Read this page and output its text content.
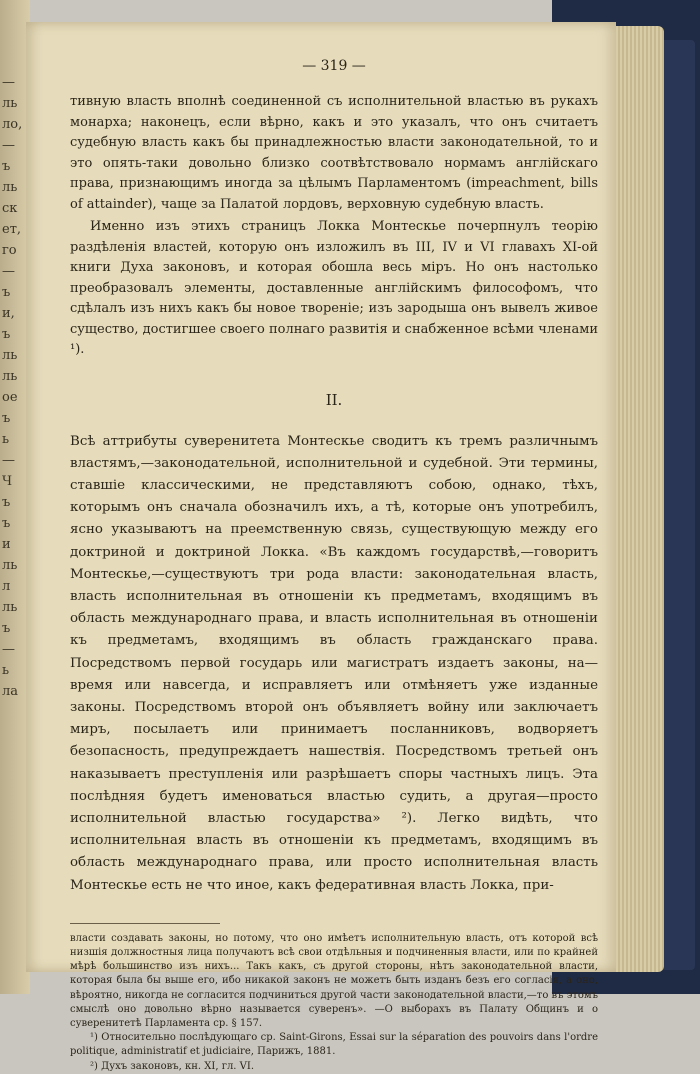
—
ль
ло,
—
ъ
ль
ск
ет,
го
—
ъ
и,
ъ
ль
ль
ое
ъ
ь
—
Ч
ъ
ъ
и
ль
л
ль
ъ
—
ь
ла
— 319 —

тивную власть вполнѣ соединенной съ исполнительной властью въ рукахъ монарха; наконецъ, если вѣрно, какъ и это указалъ, что онъ считаетъ судебную власть какъ бы принадлежностью власти законодательной, то и это опять-таки довольно близко соотвѣтствовало нормамъ англійскаго права, признающимъ иногда за цѣлымъ Парламентомъ (impeachment, bills of attainder), чаще за Палатой лордовъ, верховную судебную власть.

Именно изъ этихъ страницъ Локка Монтескье почерпнулъ теорію раздѣленія властей, которую онъ изложилъ въ III, IV и VI главахъ XI-ой книги Духа законовъ, и которая обошла весь міръ. Но онъ настолько преобразовалъ элементы, доставленные англійскимъ философомъ, что сдѣлалъ изъ нихъ какъ бы новое твореніе; изъ зародыша онъ вывелъ живое существо, достигшее своего полнаго развитія и снабженное всѣми членами ¹).

II.
Всѣ аттрибуты суверенитета Монтескье сводитъ къ тремъ различнымъ властямъ,—законодательной, исполнительной и судебной. Эти термины, ставшіе классическими, не представляютъ собою, однако, тѣхъ, которымъ онъ сначала обозначилъ ихъ, а тѣ, которые онъ употребилъ, ясно указываютъ на преемственную связь, существующую между его доктриной и доктриной Локка. «Въ каждомъ государствѣ,—говоритъ Монтескье,—существуютъ три рода власти: законодательная власть, власть исполнительная въ отношеніи къ предметамъ, входящимъ въ область международнаго права, и власть исполнительная въ отношеніи къ предметамъ, входящимъ въ область гражданскаго права. Посредствомъ первой государь или магистратъ издаетъ законы, на—время или навсегда, и исправляетъ или отмѣняетъ уже изданные законы. Посредствомъ второй онъ объявляетъ войну или заключаетъ миръ, посылаетъ или принимаетъ посланниковъ, водворяетъ безопасность, предупреждаетъ нашествія. Посредствомъ третьей онъ наказываетъ преступленія или разрѣшаетъ споры частныхъ лицъ. Эта послѣдняя будетъ именоваться властью судить, а другая—просто исполнительной властью государства» ²). Легко видѣть, что исполнительная власть въ отношеніи къ предметамъ, входящимъ въ область международнаго права, или просто исполнительная власть Монтескье есть не что иное, какъ федеративная власть Локка, при-
власти создавать законы, но потому, что оно имѣетъ исполнительную власть, отъ которой всѣ низшія должностныя лица получаютъ всѣ свои отдѣльныя и подчиненныя власти, или по крайней мѣрѣ большинство изъ нихъ... Такъ какъ, съ другой стороны, нѣтъ законодательной власти, которая была бы выше его, ибо никакой законъ не можетъ быть изданъ безъ его согласія, а оно, вѣроятно, никогда не согласится подчиниться другой части законодательной власти,—то въ этомъ смыслѣ оно довольно вѣрно называется суверенъ». —О выборахъ въ Палату Общинъ и о суверенитетѣ Парламента ср. § 157.
¹) Относительно послѣдующаго ср. Saint-Girons, Essai sur la séparation des pouvoirs dans l'ordre politique, administratif et judiciaire, Парижъ, 1881.
²) Духъ законовъ, кн. XI, гл. VI.
